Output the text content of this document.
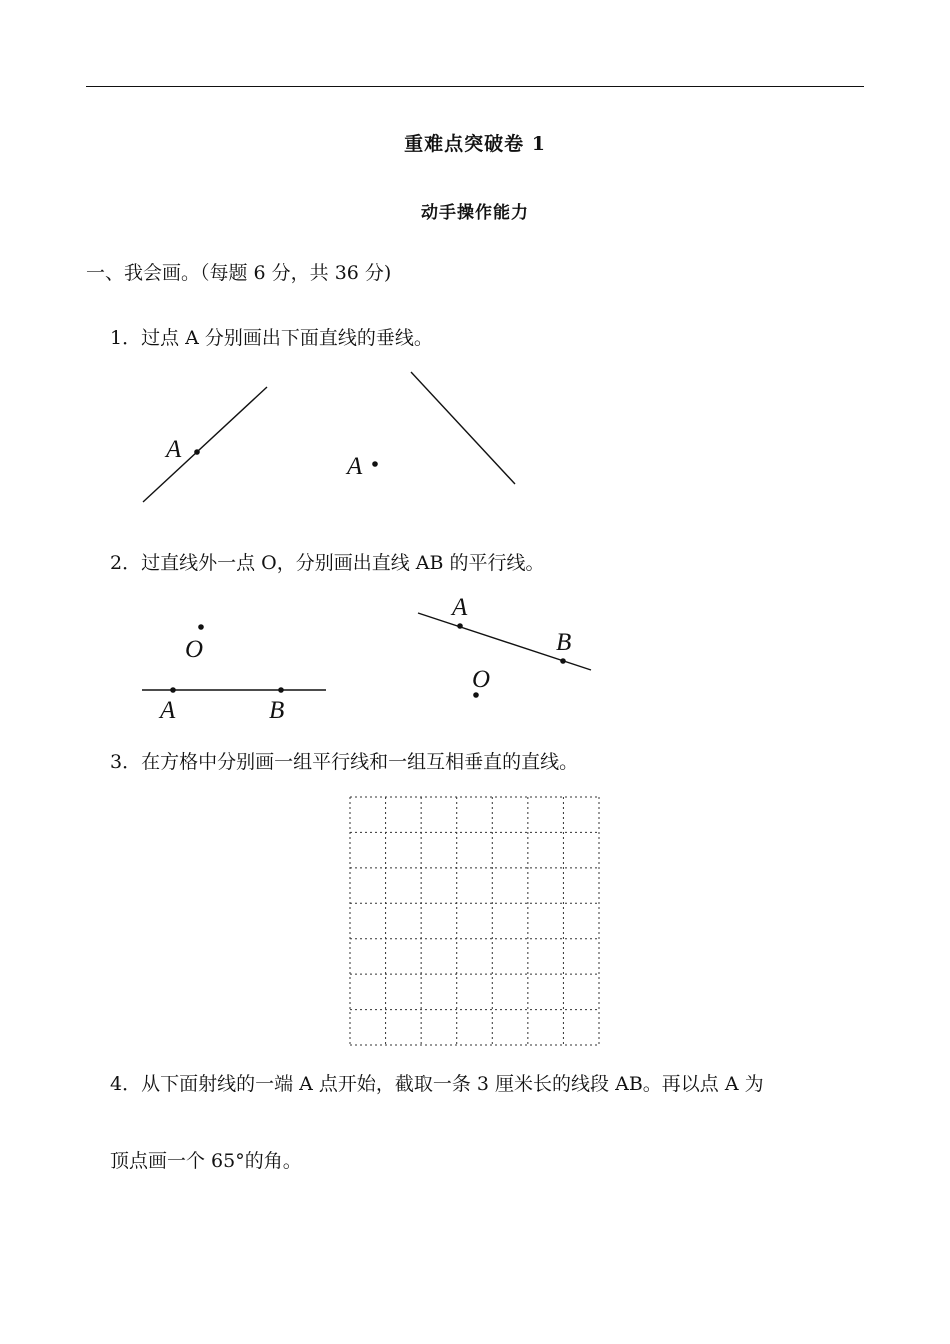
重难点突破卷 1
动手操作能力
一、我会画。（每题 6 分，共 36 分)
1．过点 A 分别画出下面直线的垂线。
2．过直线外一点 O，分别画出直线 AB 的平行线。
3．在方格中分别画一组平行线和一组互相垂直的直线。
4．从下面射线的一端 A 点开始，截取一条 3 厘米长的线段 AB。再以点 A 为
顶点画一个 65°的角。
A
A
O
A	B
A
B
O
